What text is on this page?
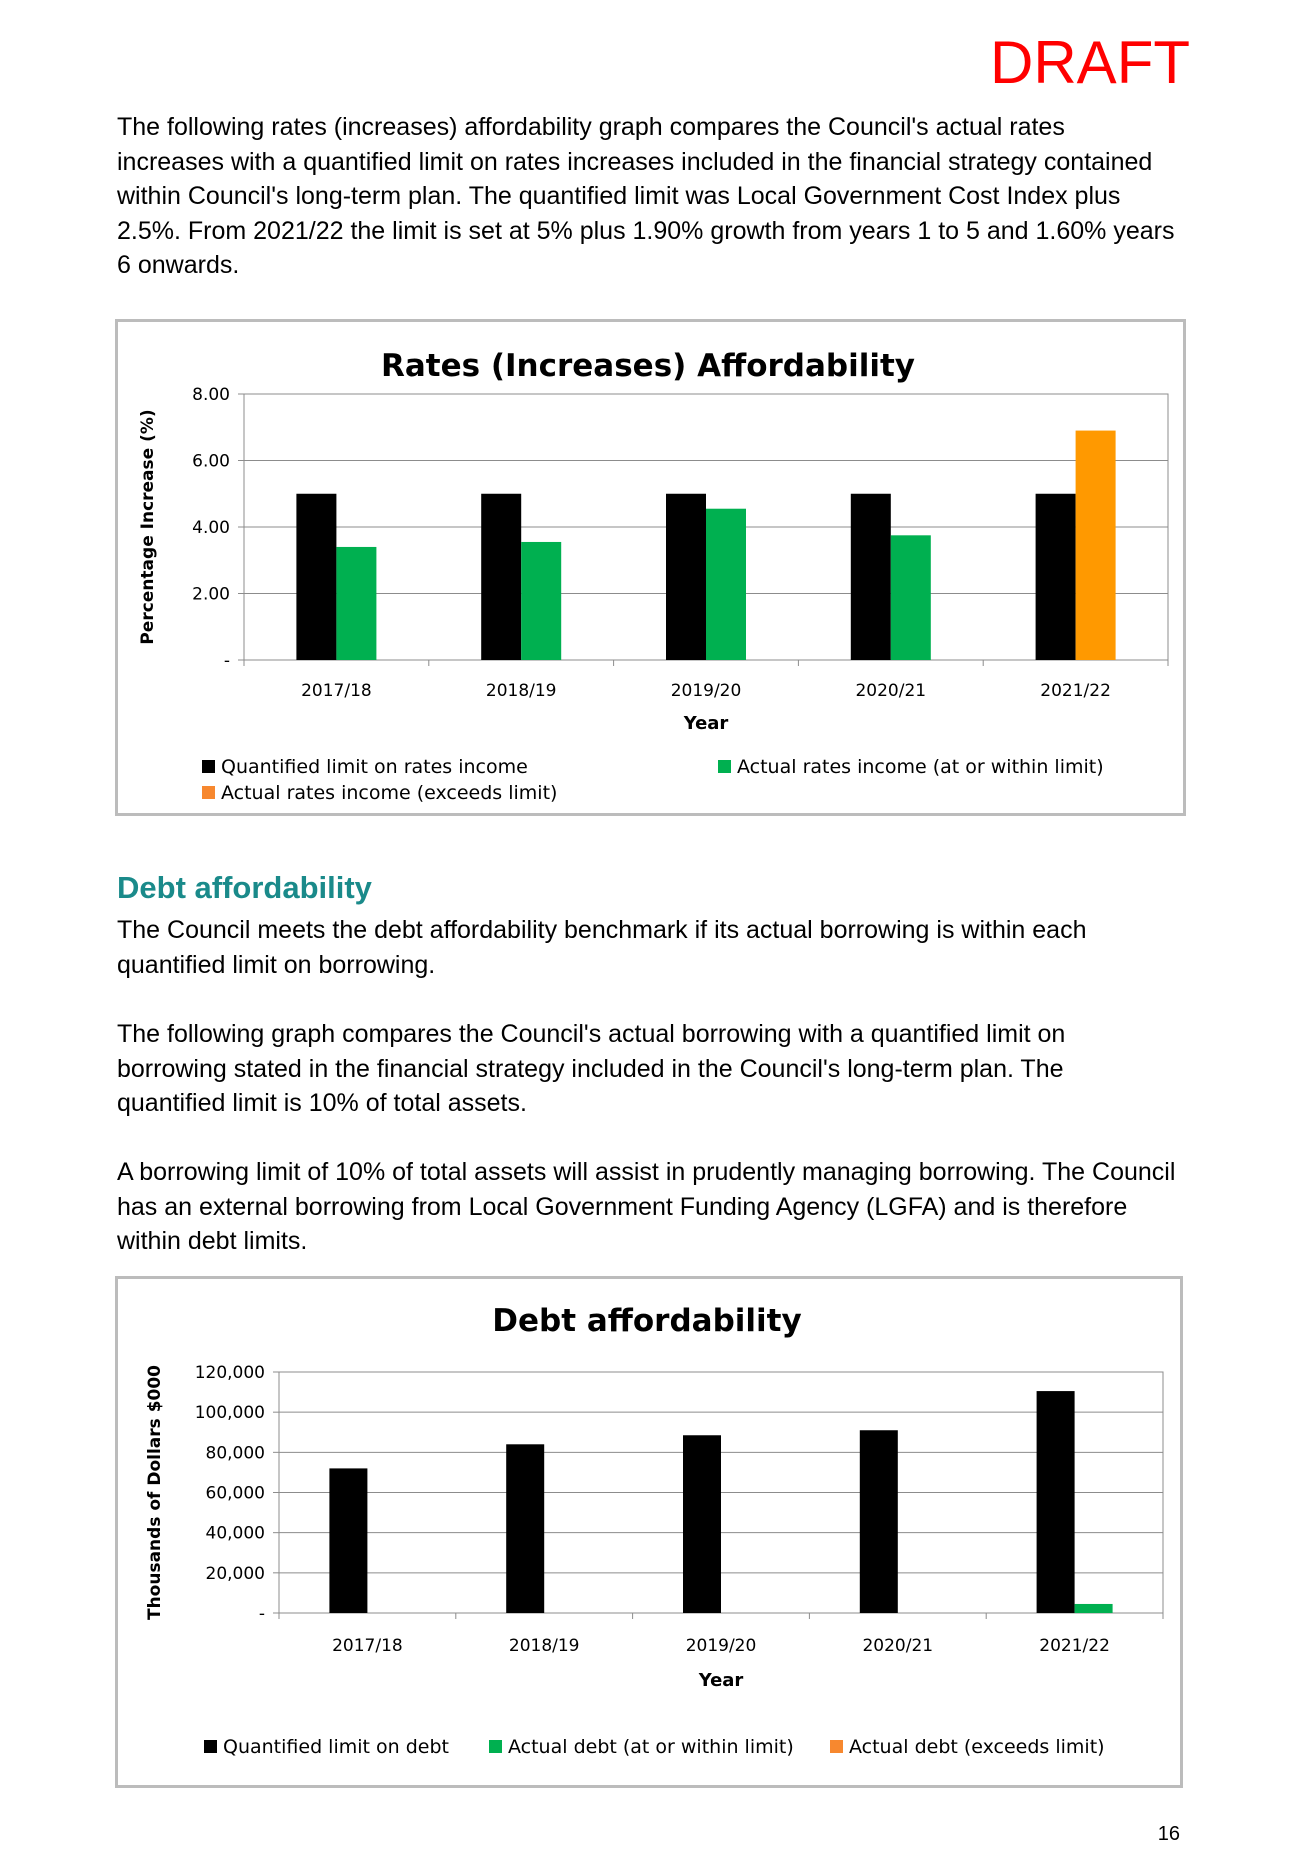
DRAFT

The following rates (increases) affordability graph compares the Council's actual rates increases with a quantified limit on rates increases included in the financial strategy contained within Council's long-term plan. The quantified limit was Local Government Cost Index plus 2.5%. From 2021/22 the limit is set at 5% plus 1.90% growth from years 1 to 5 and 1.60% years 6 onwards.

Rates (Increases) Affordability
-
2.00
4.00
6.00
8.00
2017/18	2018/19	2019/20	2020/21	2021/22
Year
Percentage Increase (%)
Quantified limit on rates income	Actual rates income (at or within limit)
Actual rates income (exceeds limit)
Debt affordability

The Council meets the debt affordability benchmark if its actual borrowing is within each quantified limit on borrowing.

The following graph compares the Council's actual borrowing with a quantified limit on borrowing stated in the financial strategy included in the Council's long-term plan. The quantified limit is 10% of total assets.

A borrowing limit of 10% of total assets will assist in prudently managing borrowing. The Council has an external borrowing from Local Government Funding Agency (LGFA) and is therefore within debt limits.

Debt affordability
-
20,000
40,000
60,000
80,000
100,000
120,000
2017/18	2018/19	2019/20	2020/21	2021/22
Year
Thousands of Dollars $000
Quantified limit on debt	Actual debt (at or within limit)	Actual debt (exceeds limit)
16
